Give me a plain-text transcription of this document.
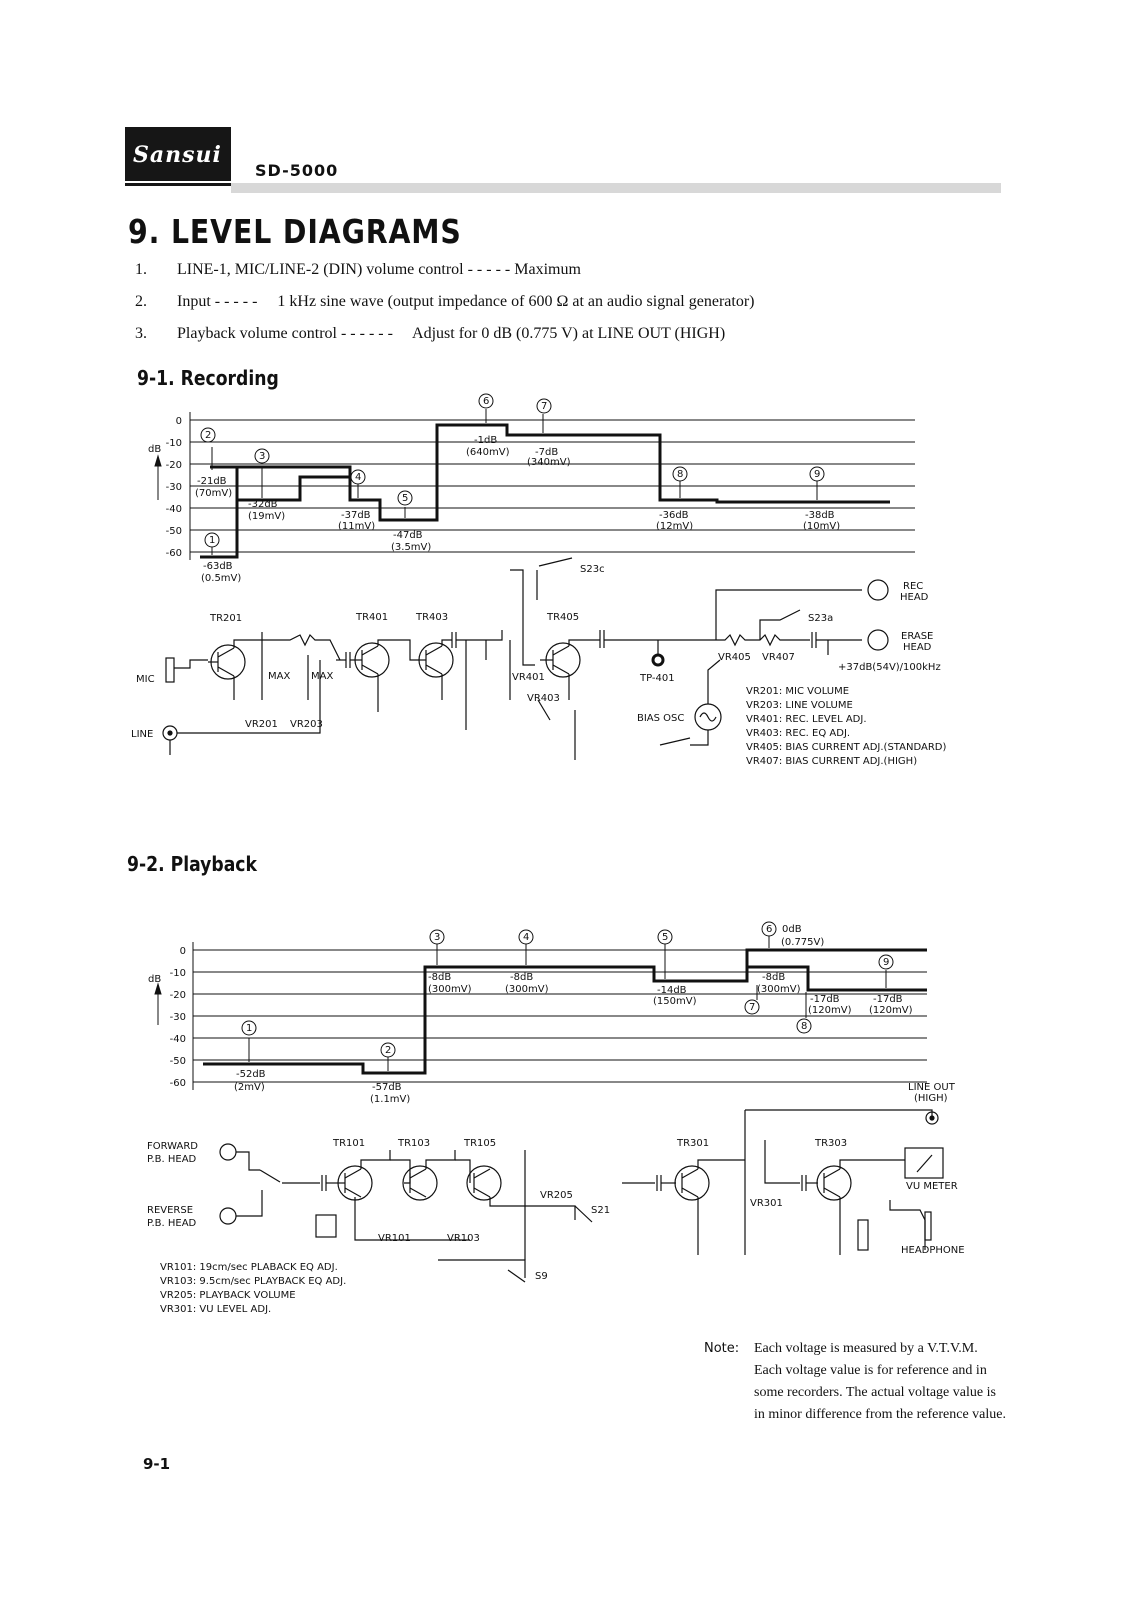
Sansui
SD-5000
9. LEVEL DIAGRAMS
1. LINE-1, MIC/LINE-2 (DIN) volume control - - - - - Maximum
2. Input - - - - -     1 kHz sine wave (output impedance of 600 Ω at an audio signal generator)
3. Playback volume control - - - - - -     Adjust for 0 dB (0.775 V) at LINE OUT (HIGH)
9-1. Recording
0
-10
-20
-30
-40
-50
-60
dB
2
3
4
5
6	7
8	9
1
-21dB
(70mV)
-32dB
(19mV)	-37dB
(11mV)
-47dB
(3.5mV)
-1dB
(640mV)	-7dB
(340mV)
-36dB
(12mV)
-38dB
(10mV)
-63dB
(0.5mV)
MIC
LINE
TR201	TR401	TR403	TR405
MAX MAX
VR201 VR203
VR401
VR403
VR405 VR407
S23c
S23a
TP-401
BIAS OSC
REC
HEAD
ERASE
HEAD
+37dB(54V)/100kHz
VR201: MIC VOLUME
VR203: LINE VOLUME
VR401: REC. LEVEL ADJ.
VR403: REC. EQ ADJ.
VR405: BIAS CURRENT ADJ.(STANDARD)
VR407: BIAS CURRENT ADJ.(HIGH)
9-2. Playback
0
-10
-20
-30
-40
-50
-60
dB
1
2
3	4	5
6
7
8
9
-52dB
(2mV)	-57dB
(1.1mV)
-8dB
(300mV)
-8dB
(300mV)	-14dB
(150mV)
0dB
(0.775V)
-8dB
(300mV)
-17dB
(120mV)
-17dB
(120mV)
FORWARD
P.B. HEAD
REVERSE
P.B. HEAD
TR101	TR103	TR105	TR301	TR303
VR101	VR103
VR205
VR301
S21
S9
LINE OUT
(HIGH)
VU METER
HEADPHONE
VR101: 19cm/sec PLABACK EQ ADJ.
VR103: 9.5cm/sec PLAYBACK EQ ADJ.
VR205: PLAYBACK VOLUME
VR301: VU LEVEL ADJ.
Note: Each voltage is measured by a V.T.V.M. Each voltage value is for reference and in some recorders. The actual voltage value is in minor difference from the reference value.
9-1
